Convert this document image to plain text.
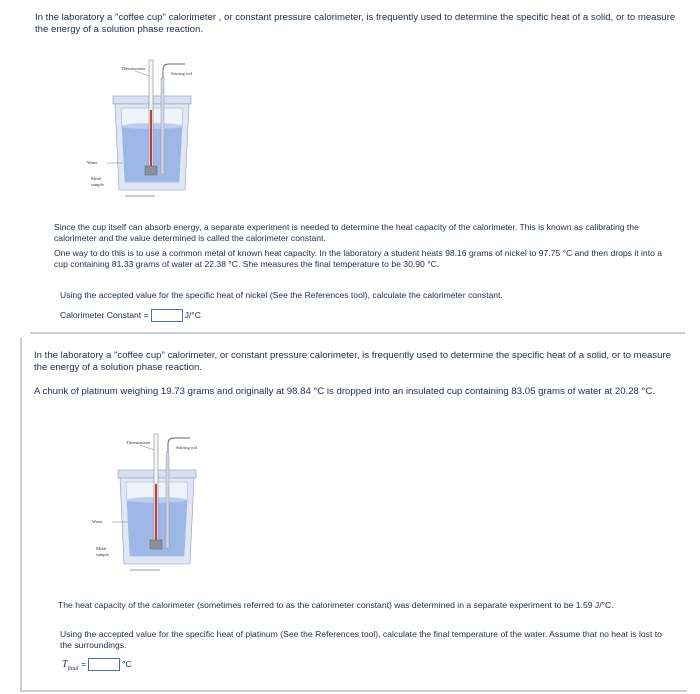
In the laboratory a "coffee cup" calorimeter , or constant pressure calorimeter, is frequently used to determine the specific heat of a solid, or to measure the energy of a solution phase reaction.

Thermometer
Stirring rod
Water
Metal
sample

Since the cup itself can absorb energy, a separate experiment is needed to determine the heat capacity of the calorimeter. This is known as calibrating the calorimeter and the value determined is called the calorimeter constant.

One way to do this is to use a common metal of known heat capacity. In the laboratory a student heats 98.16 grams of nickel to 97.75 °C and then drops it into a cup containing 81.33 grams of water at 22.38 °C. She measures the final temperature to be 30.90 °C.

Using the accepted value for the specific heat of nickel (See the References tool), calculate the calorimeter constant.

Calorimeter Constant =	J/°C

In the laboratory a "coffee cup" calorimeter, or constant pressure calorimeter, is frequently used to determine the specific heat of a solid, or to measure the energy of a solution phase reaction.

A chunk of platinum weighing 19.73 grams and originally at 98.84 °C is dropped into an insulated cup containing 83.05 grams of water at 20.28 °C.

Thermometer
Stirring rod
Water
Metal
sample

The heat capacity of the calorimeter (sometimes referred to as the calorimeter constant) was determined in a separate experiment to be 1.59 J/°C.

Using the accepted value for the specific heat of platinum (See the References tool), calculate the final temperature of the water. Assume that no heat is lost to the surroundings.

$T_{final}$ =	°C
